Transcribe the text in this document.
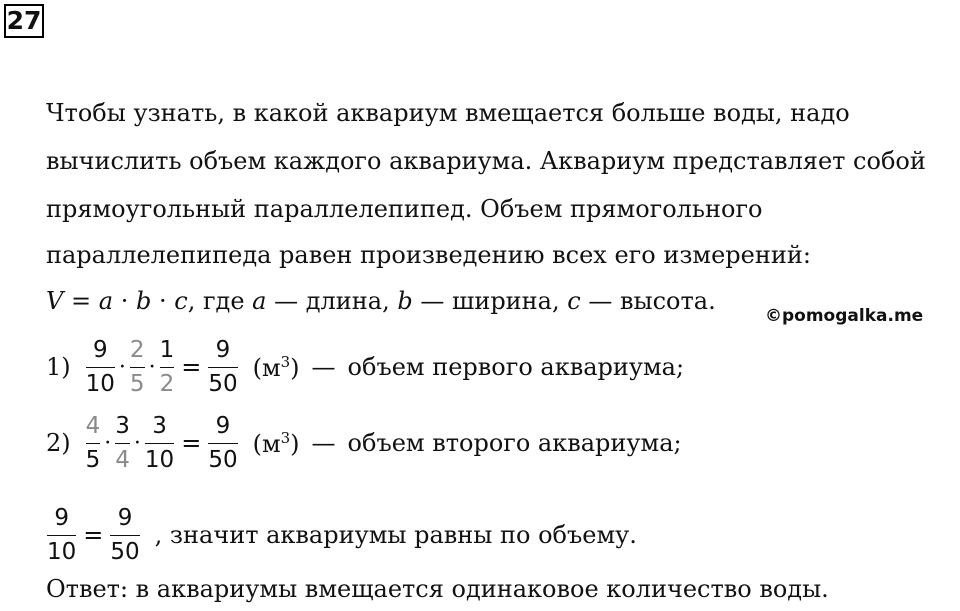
27
Чтобы узнать, в какой аквариум вмещается больше воды, надо
вычислить объем каждого аквариума. Аквариум представляет собой
прямоугольный параллелепипед. Объем прямогольного
параллелепипеда равен произведению всех его измерений:
V = a · b · c, где a — длина, b — ширина, c — высота.
©pomogalka.me
$1) \frac{9}{10} \cdot \frac{2}{5} \cdot \frac{1}{2} = \frac{9}{50} (м^3)$ — объем первого аквариума;
$2) \frac{4}{5} \cdot \frac{3}{4} \cdot \frac{3}{10} = \frac{9}{50} (м^3)$ — объем второго аквариума;
$\frac{9}{10} = \frac{9}{50}$ , значит аквариумы равны по объему.
Ответ: в аквариумы вмещается одинаковое количество воды.
